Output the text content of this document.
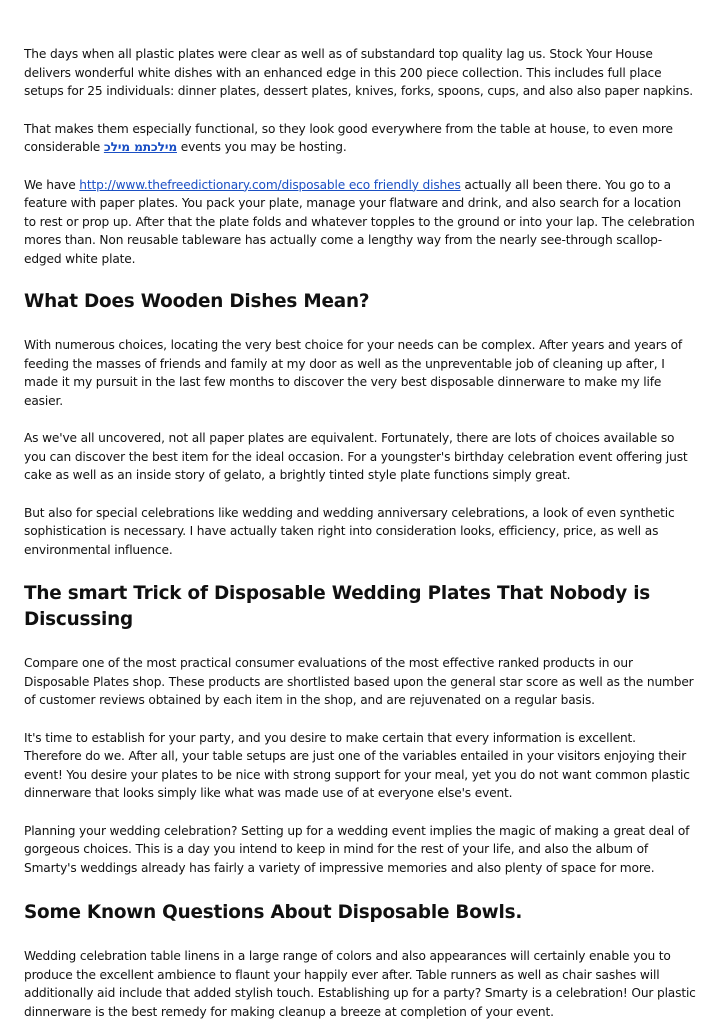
The days when all plastic plates were clear as well as of substandard top quality lag us. Stock Your House delivers wonderful white dishes with an enhanced edge in this 200 piece collection. This includes full place setups for 25 individuals: dinner plates, dessert plates, knives, forks, spoons, cups, and also also paper napkins.

That makes them especially functional, so they look good everywhere from the table at house, to even more considerable מילכתמ מילכ events you may be hosting.

We have http://www.thefreedictionary.com/disposable eco friendly dishes actually all been there. You go to a feature with paper plates. You pack your plate, manage your flatware and drink, and also search for a location to rest or prop up. After that the plate folds and whatever topples to the ground or into your lap. The celebration mores than. Non reusable tableware has actually come a lengthy way from the nearly see-through scallop-edged white plate.

What Does Wooden Dishes Mean?

With numerous choices, locating the very best choice for your needs can be complex. After years and years of feeding the masses of friends and family at my door as well as the unpreventable job of cleaning up after, I made it my pursuit in the last few months to discover the very best disposable dinnerware to make my life easier.

As we've all uncovered, not all paper plates are equivalent. Fortunately, there are lots of choices available so you can discover the best item for the ideal occasion. For a youngster's birthday celebration event offering just cake as well as an inside story of gelato, a brightly tinted style plate functions simply great.

But also for special celebrations like wedding and wedding anniversary celebrations, a look of even synthetic sophistication is necessary. I have actually taken right into consideration looks, efficiency, price, as well as environmental influence.

The smart Trick of Disposable Wedding Plates That Nobody is Discussing

Compare one of the most practical consumer evaluations of the most effective ranked products in our Disposable Plates shop. These products are shortlisted based upon the general star score as well as the number of customer reviews obtained by each item in the shop, and are rejuvenated on a regular basis.

It's time to establish for your party, and you desire to make certain that every information is excellent. Therefore do we. After all, your table setups are just one of the variables entailed in your visitors enjoying their event! You desire your plates to be nice with strong support for your meal, yet you do not want common plastic dinnerware that looks simply like what was made use of at everyone else's event.

Planning your wedding celebration? Setting up for a wedding event implies the magic of making a great deal of gorgeous choices. This is a day you intend to keep in mind for the rest of your life, and also the album of Smarty's weddings already has fairly a variety of impressive memories and also plenty of space for more.

Some Known Questions About Disposable Bowls.

Wedding celebration table linens in a large range of colors and also appearances will certainly enable you to produce the excellent ambience to flaunt your happily ever after. Table runners as well as chair sashes will additionally aid include that added stylish touch. Establishing up for a party? Smarty is a celebration! Our plastic dinnerware is the best remedy for making cleanup a breeze at completion of your event.
